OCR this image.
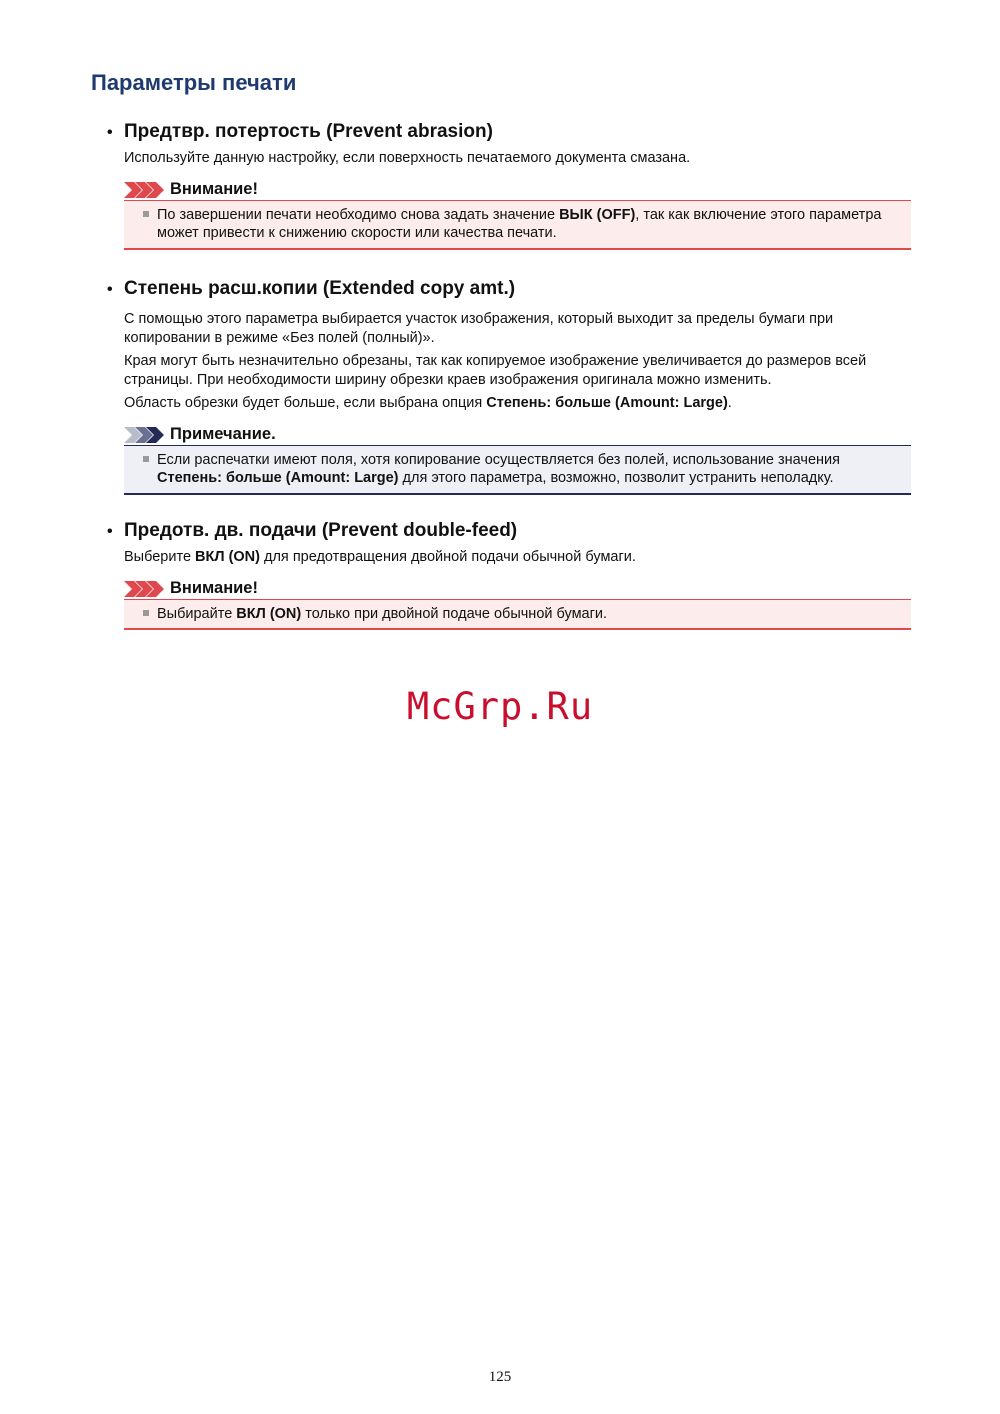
Параметры печати
• Предтвр. потертость (Prevent abrasion)

Используйте данную настройку, если поверхность печатаемого документа смазана.

Внимание!
По завершении печати необходимо снова задать значение ВЫК (OFF), так как включение этого параметра может привести к снижению скорости или качества печати.
• Степень расш.копии (Extended copy amt.)

С помощью этого параметра выбирается участок изображения, который выходит за пределы бумаги при копировании в режиме «Без полей (полный)».

Края могут быть незначительно обрезаны, так как копируемое изображение увеличивается до размеров всей страницы. При необходимости ширину обрезки краев изображения оригинала можно изменить.

Область обрезки будет больше, если выбрана опция Степень: больше (Amount: Large).

Примечание.
Если распечатки имеют поля, хотя копирование осуществляется без полей, использование значения Степень: больше (Amount: Large) для этого параметра, возможно, позволит устранить неполадку.
• Предотв. дв. подачи (Prevent double-feed)

Выберите ВКЛ (ON) для предотвращения двойной подачи обычной бумаги.

Внимание!
Выбирайте ВКЛ (ON) только при двойной подаче обычной бумаги.
McGrp.Ru
125
